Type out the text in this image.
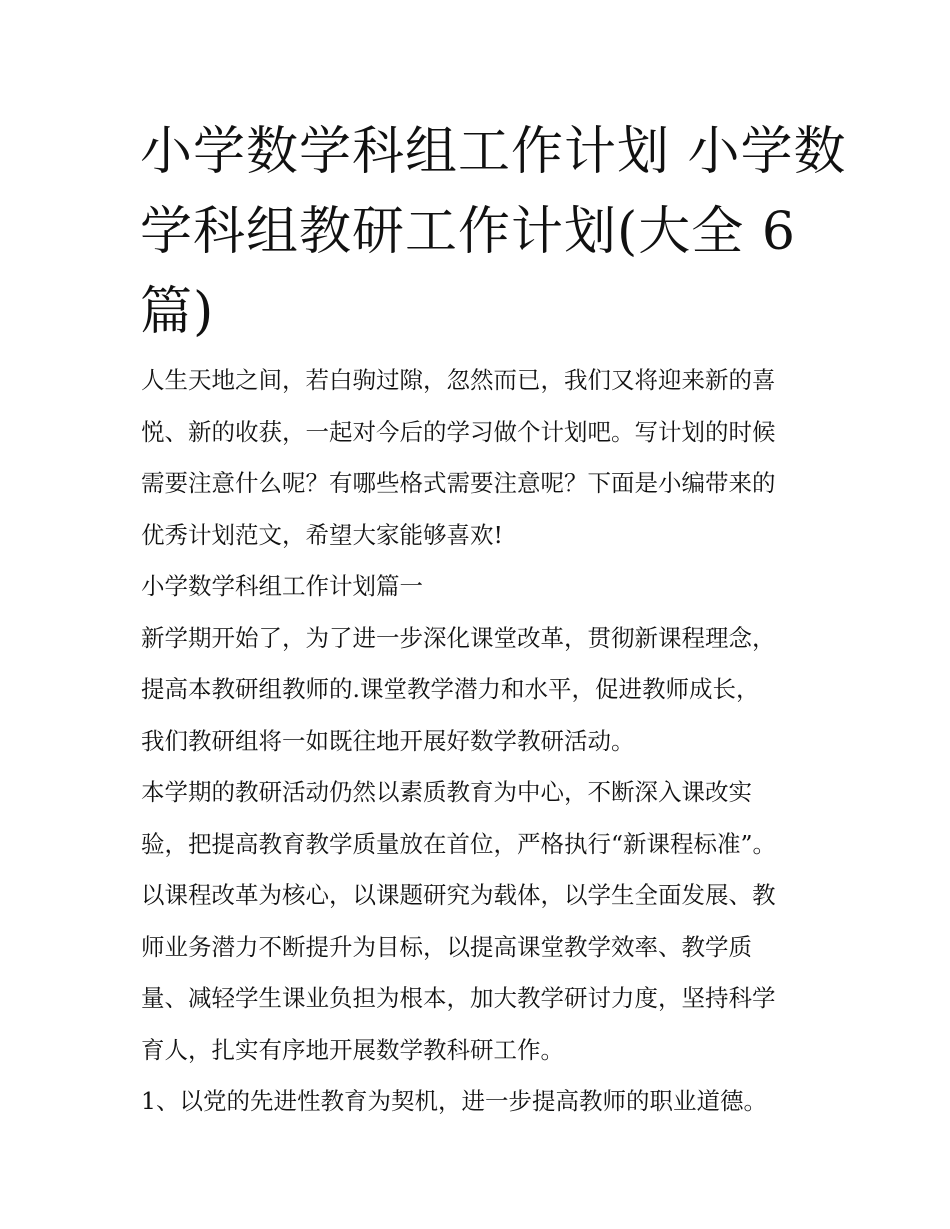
小学数学科组工作计划 小学数
学科组教研工作计划(大全 6
篇)

人生天地之间，若白驹过隙，忽然而已，我们又将迎来新的喜
悦、新的收获，一起对今后的学习做个计划吧。写计划的时候
需要注意什么呢？有哪些格式需要注意呢？下面是小编带来的
优秀计划范文，希望大家能够喜欢!

小学数学科组工作计划篇一

新学期开始了，为了进一步深化课堂改革，贯彻新课程理念，
提高本教研组教师的.课堂教学潜力和水平，促进教师成长，
我们教研组将一如既往地开展好数学教研活动。

本学期的教研活动仍然以素质教育为中心，不断深入课改实
验，把提高教育教学质量放在首位，严格执行“新课程标准”。
以课程改革为核心，以课题研究为载体，以学生全面发展、教
师业务潜力不断提升为目标，以提高课堂教学效率、教学质
量、减轻学生课业负担为根本，加大教学研讨力度，坚持科学
育人，扎实有序地开展数学教科研工作。

1、以党的先进性教育为契机，进一步提高教师的职业道德。
